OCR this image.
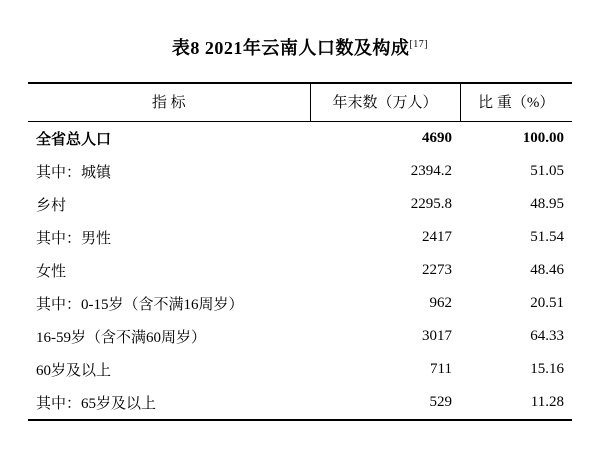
表8 2021年云南人口数及构成[17]
指 标	年末数（万人）	比 重（%）
全省总人口	4690	100.00
其中：城镇	2394.2	51.05
乡村	2295.8	48.95
其中：男性	2417	51.54
女性	2273	48.46
其中：0-15岁（含不满16周岁）	962	20.51
16-59岁（含不满60周岁）	3017	64.33
60岁及以上	711	15.16
其中：65岁及以上	529	11.28
